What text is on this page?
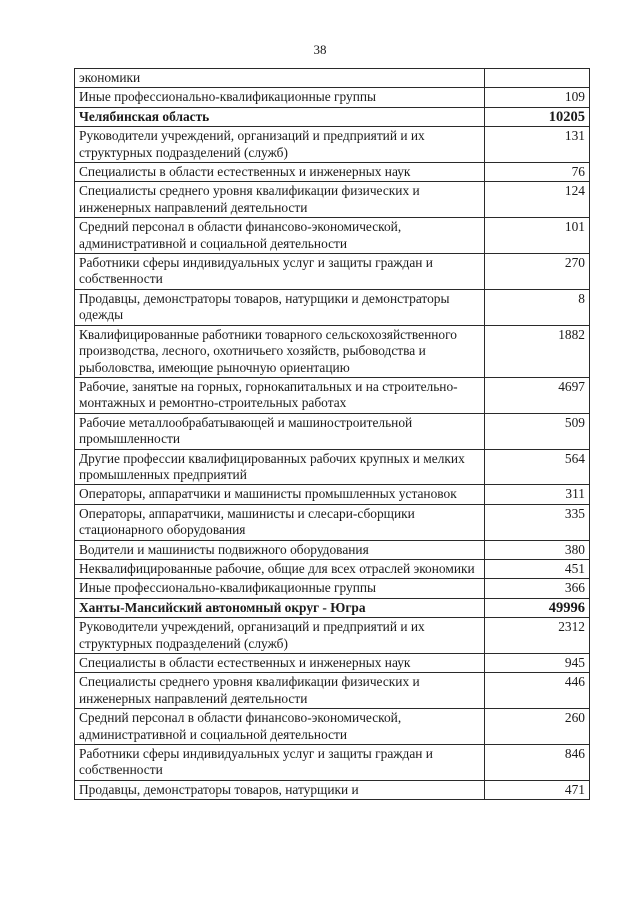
38
экономики	
Иные профессионально-квалификационные группы	109
Челябинская область	10205
Руководители учреждений, организаций и предприятий и их структурных подразделений (служб)	131
Специалисты в области естественных и инженерных наук	76
Специалисты среднего уровня квалификации физических и инженерных направлений деятельности	124
Средний персонал в области финансово-экономической, административной и социальной деятельности	101
Работники сферы индивидуальных услуг и защиты граждан и собственности	270
Продавцы, демонстраторы товаров, натурщики и демонстраторы одежды	8
Квалифицированные работники товарного сельскохозяйственного производства, лесного, охотничьего хозяйств, рыбоводства и рыболовства, имеющие рыночную ориентацию	1882
Рабочие, занятые на горных, горнокапитальных и на строительно-монтажных и ремонтно-строительных работах	4697
Рабочие металлообрабатывающей и машиностроительной промышленности	509
Другие профессии квалифицированных рабочих крупных и мелких промышленных предприятий	564
Операторы, аппаратчики и машинисты промышленных установок	311
Операторы, аппаратчики, машинисты и слесари-сборщики стационарного оборудования	335
Водители и машинисты подвижного оборудования	380
Неквалифицированные рабочие, общие для всех отраслей экономики	451
Иные профессионально-квалификационные группы	366
Ханты-Мансийский автономный округ - Югра	49996
Руководители учреждений, организаций и предприятий и их структурных подразделений (служб)	2312
Специалисты в области естественных и инженерных наук	945
Специалисты среднего уровня квалификации физических и инженерных направлений деятельности	446
Средний персонал в области финансово-экономической, административной и социальной деятельности	260
Работники сферы индивидуальных услуг и защиты граждан и собственности	846
Продавцы, демонстраторы товаров, натурщики и	471
